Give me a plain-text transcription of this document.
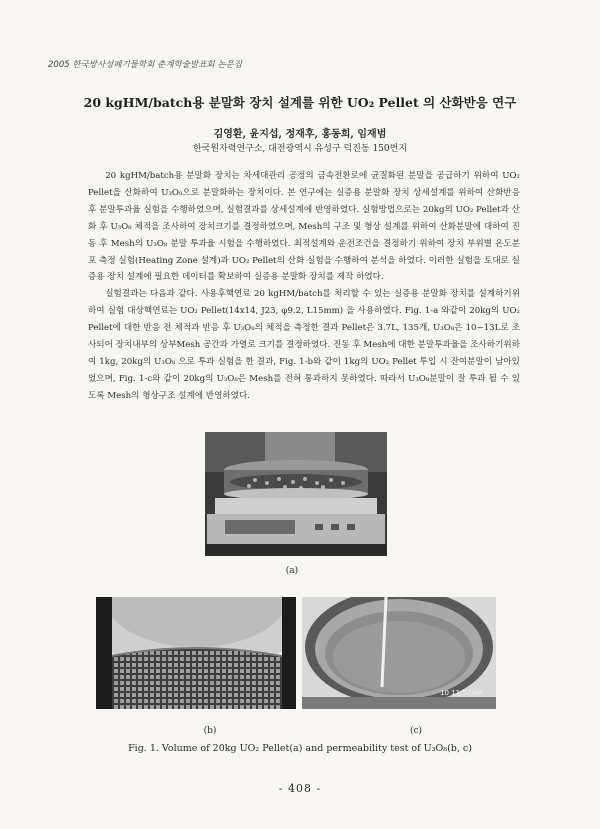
2005 한국방사성폐기물학회 춘계학술발표회 논문집
20 kgHM/batch용 분말화 장치 설계를 위한 UO₂ Pellet 의 산화반응 연구
김영환, 윤지섭, 정재후, 홍동희, 임재범
한국원자력연구소, 대전광역시 유성구 덕진동 150번지

20 kgHM/batch용 분말화 장치는 차세대관리 공정의 금속전환로에 균질화된 분말을 공급하기 위하여 UO₂ Pellet을 산화하여 U₃O₈으로 분말화하는 장치이다. 본 연구에는 실증용 분말화 장치 상세설계를 위하여 산화반응 후 분말투과율 실험을 수행하였으며, 실험결과를 상세설계에 반영하였다. 실험방법으로는 20kg의 UO₂ Pellet과 산화 후 U₃O₈ 체적을 조사하여 장치크기를 결정하였으며, Mesh의 구조 및 형상 설계를 위하여 산화분말에 대하여 진동 후 Mesh의 U₃O₈ 분말 투과율 시험을 수행하였다. 최적설계와 운전조건을 결정하기 위하여 장치 부위별 온도분포 측정 실험(Heating Zone 설계)과 UO₂ Pellet의 산화 실험을 수행하여 분석을 하였다. 이러한 실험을 토대로 실증용 장치 설계에 필요한 데이터를 확보하여 실증용 분말화 장치를 제작 하였다.

실험결과는 다음과 같다. 사용후핵연료 20 kgHM/batch를 처리할 수 있는 실증용 분말화 장치를 설계하기위하여 실험 대상핵연료는 UO₂ Pellet(14x14, J23, φ9.2, L15mm) 을 사용하였다. Fig. 1-a 와같이 20kg의 UO₂ Pellet에 대한 반응 전 체적과 반응 후 U₃O₈의 체적을 측정한 결과 Pellet은 3.7L, 135개, U₃O₈은 10~13L로 조사되어 장치내부의 상부Mesh 공간과 가열로 크기를 결정하였다. 진동 후 Mesh에 대한 분말투과율을 조사하기위하여 1kg, 20kg의 U₃O₈ 으로 투과 실험을 한 결과, Fig. 1-b와 같이 1kg의 UO₂ Pellet 투입 시 잔여분말이 남아있었으며, Fig. 1-c와 같이 20kg의 U₃O₈은 Mesh를 전혀 통과하지 못하였다. 따라서 U₃O₈분말이 잘 투과 될 수 있도록 Mesh의 형상구조 설계에 반영하였다.

(a)
(b)
10 11:52AM
(c)
Fig. 1. Volume of 20kg UO₂ Pellet(a) and permeability test of U₃O₈(b, c)
- 408 -
